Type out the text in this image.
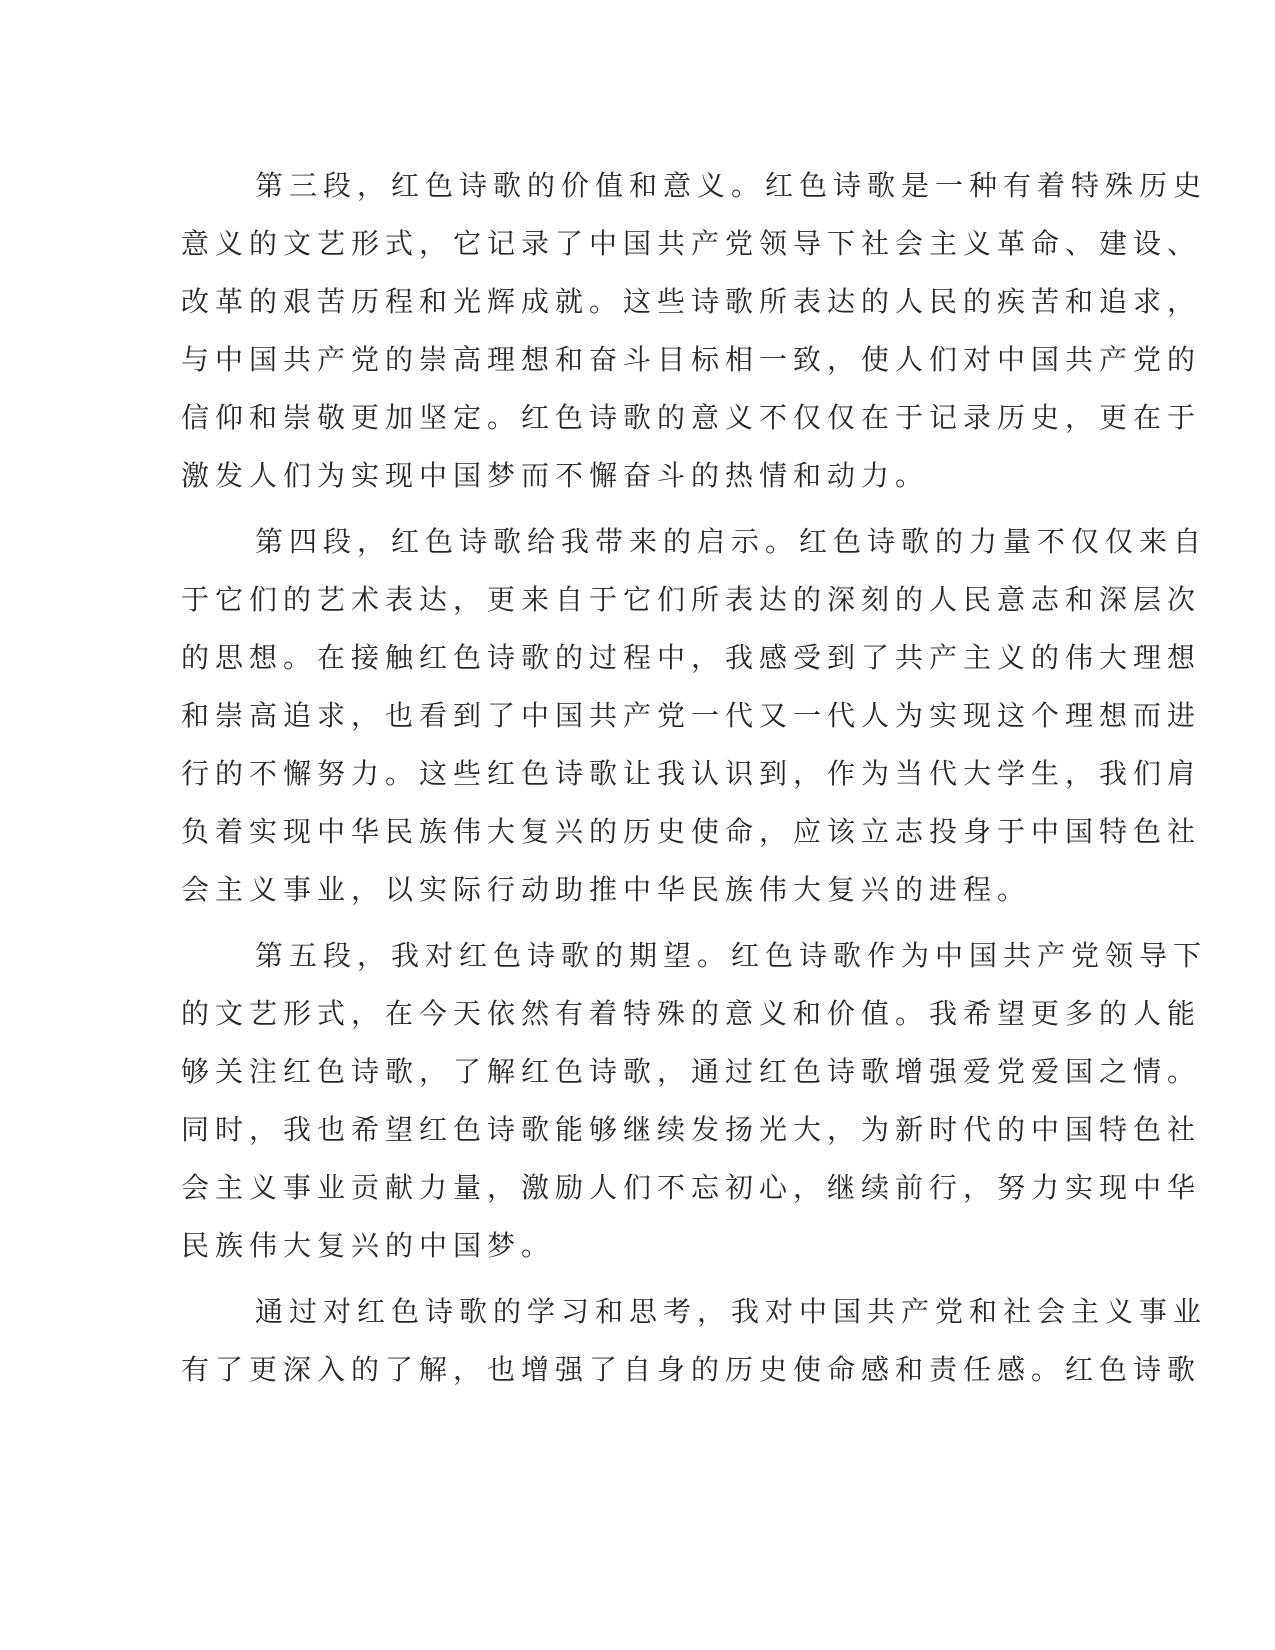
第三段，红色诗歌的价值和意义。红色诗歌是一种有着特殊历史
意义的文艺形式，它记录了中国共产党领导下社会主义革命、建设、
改革的艰苦历程和光辉成就。这些诗歌所表达的人民的疾苦和追求，
与中国共产党的崇高理想和奋斗目标相一致，使人们对中国共产党的
信仰和崇敬更加坚定。红色诗歌的意义不仅仅在于记录历史，更在于
激发人们为实现中国梦而不懈奋斗的热情和动力。
第四段，红色诗歌给我带来的启示。红色诗歌的力量不仅仅来自
于它们的艺术表达，更来自于它们所表达的深刻的人民意志和深层次
的思想。在接触红色诗歌的过程中，我感受到了共产主义的伟大理想
和崇高追求，也看到了中国共产党一代又一代人为实现这个理想而进
行的不懈努力。这些红色诗歌让我认识到，作为当代大学生，我们肩
负着实现中华民族伟大复兴的历史使命，应该立志投身于中国特色社
会主义事业，以实际行动助推中华民族伟大复兴的进程。
第五段，我对红色诗歌的期望。红色诗歌作为中国共产党领导下
的文艺形式，在今天依然有着特殊的意义和价值。我希望更多的人能
够关注红色诗歌，了解红色诗歌，通过红色诗歌增强爱党爱国之情。
同时，我也希望红色诗歌能够继续发扬光大，为新时代的中国特色社
会主义事业贡献力量，激励人们不忘初心，继续前行，努力实现中华
民族伟大复兴的中国梦。
通过对红色诗歌的学习和思考，我对中国共产党和社会主义事业
有了更深入的了解，也增强了自身的历史使命感和责任感。红色诗歌
